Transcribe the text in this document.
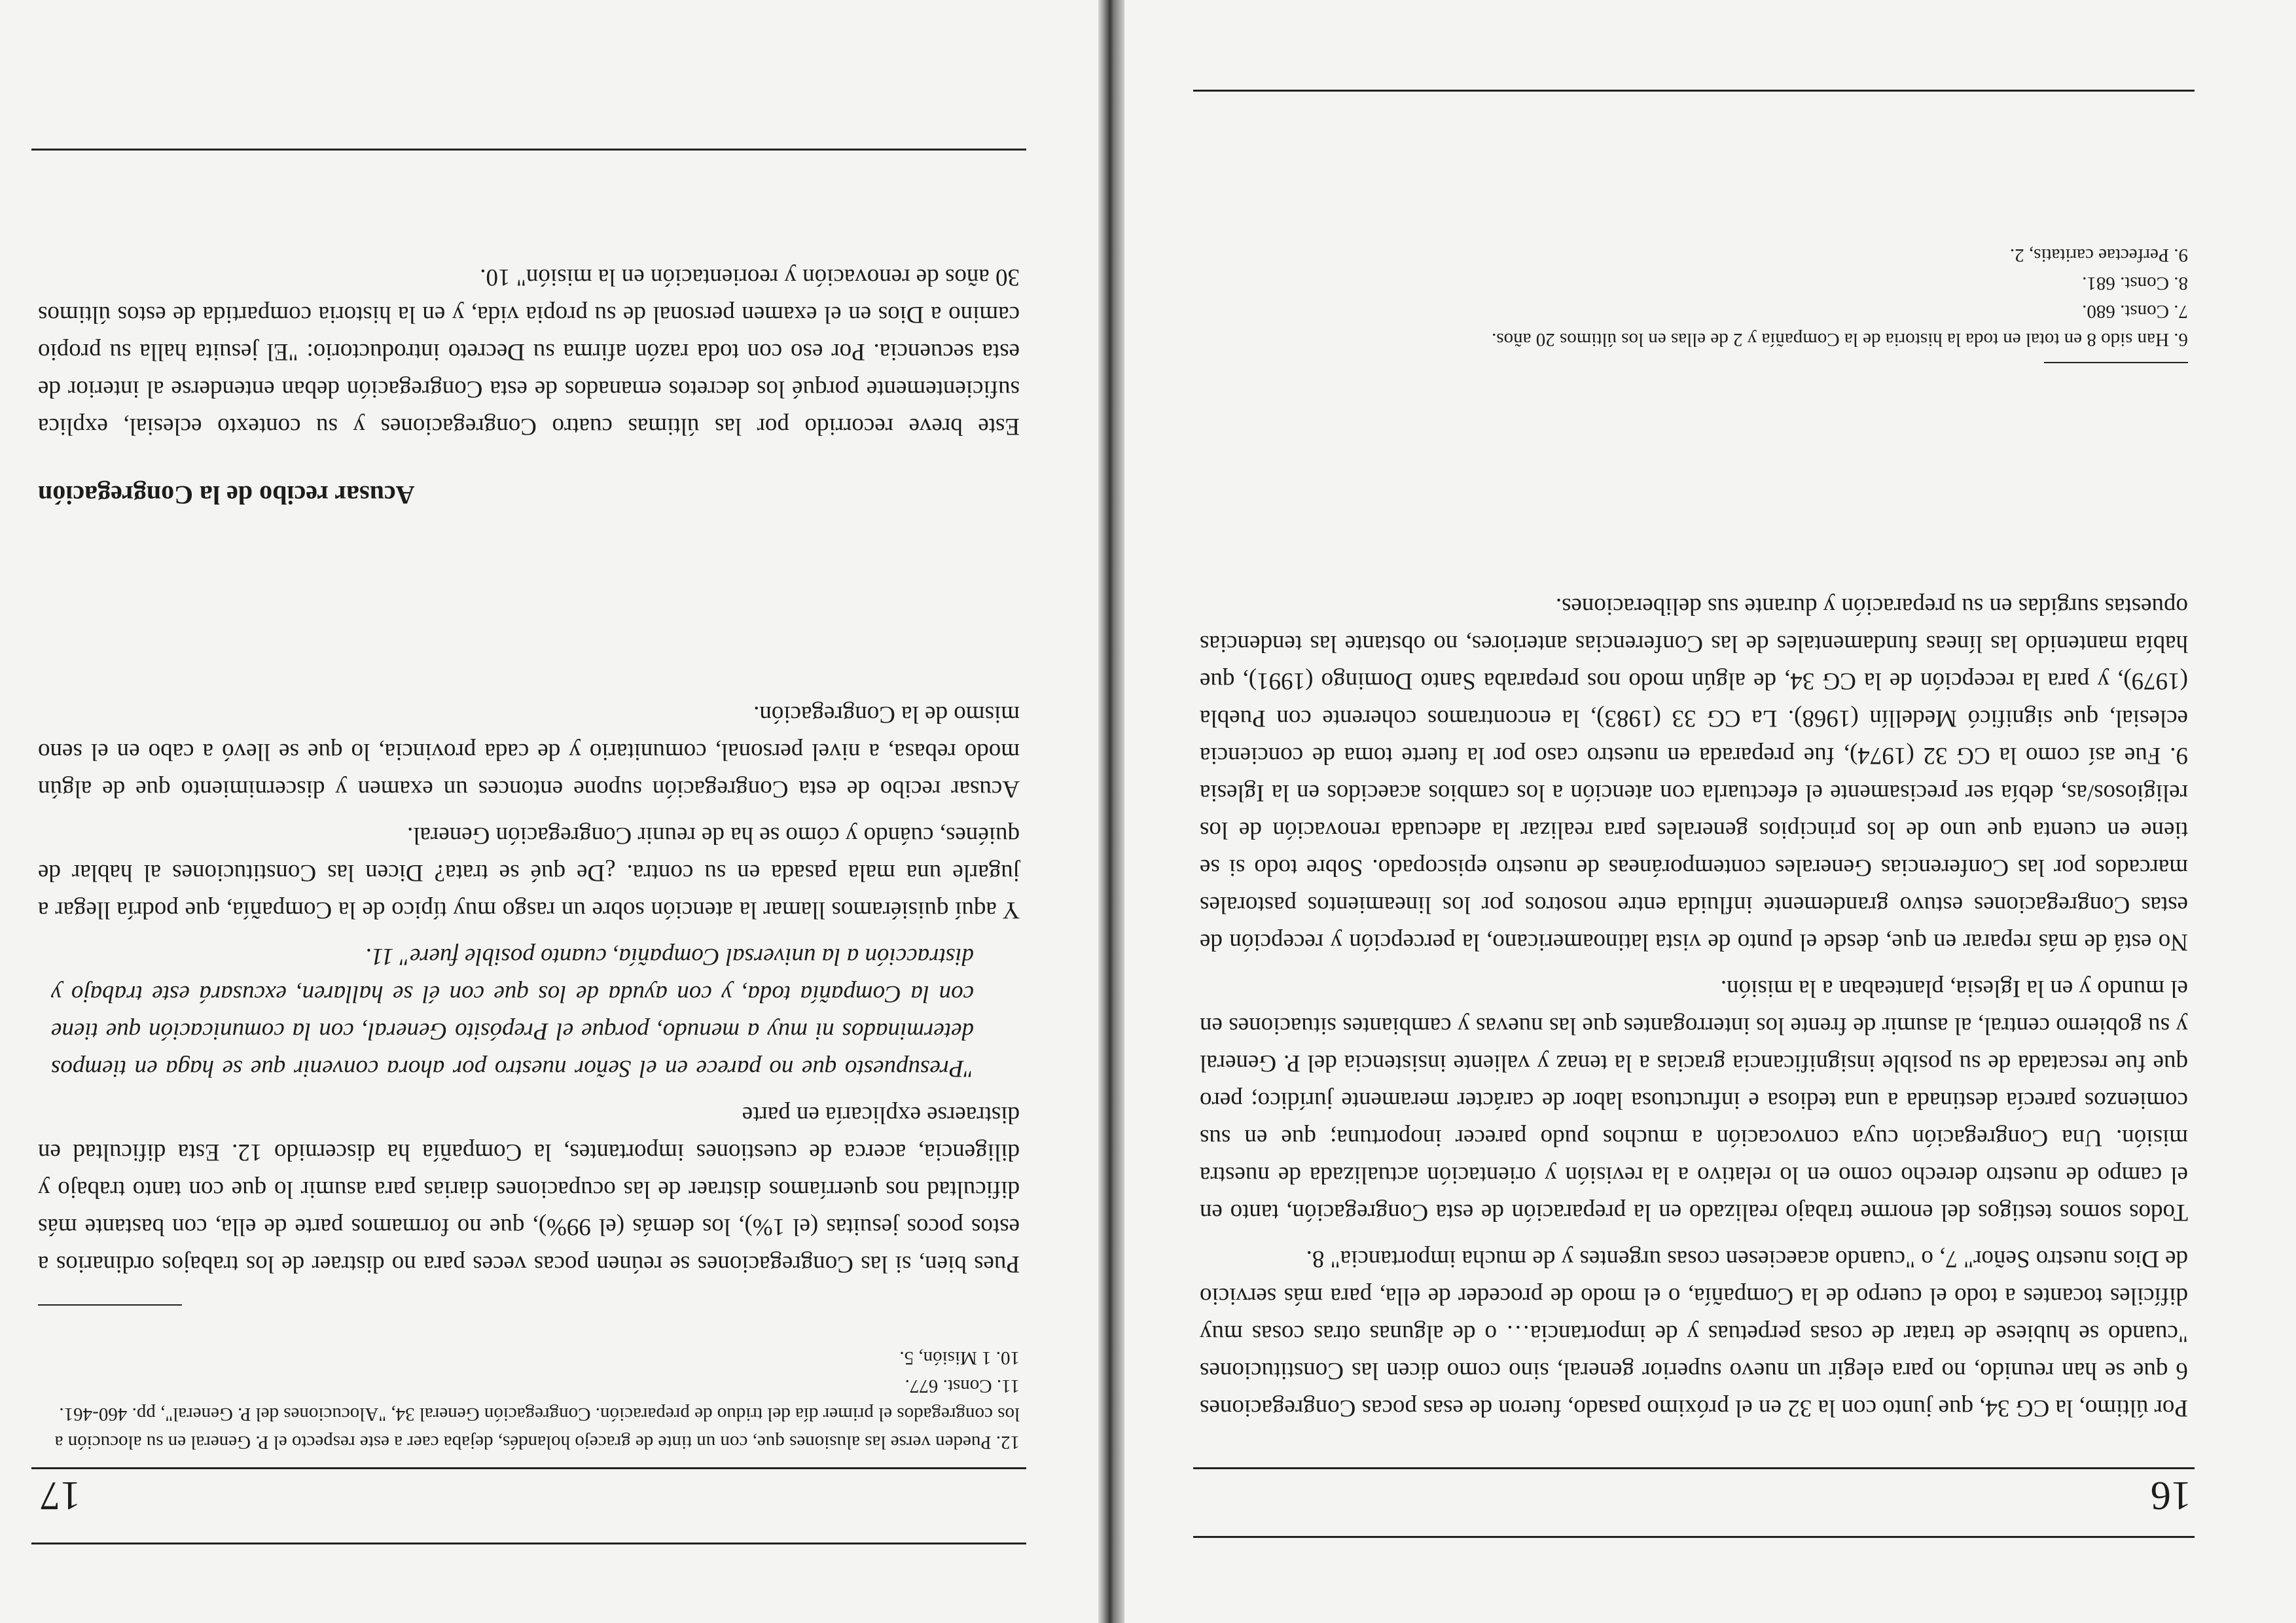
16

Por último, la CG 34, que junto con la 32 en el próximo pasado, fueron de esas pocas Congregaciones 6 que se han reunido, no para elegir un nuevo superior general, sino como dicen las Constituciones "cuando se hubiese de tratar de cosas perpetuas y de importancia… o de algunas otras cosas muy difíciles tocantes a todo el cuerpo de la Compañía, o el modo de proceder de ella, para más servicio de Dios nuestro Señor" 7, o "cuando acaeciesen cosas urgentes y de mucha importancia" 8.

Todos somos testigos del enorme trabajo realizado en la preparación de esta Congregación, tanto en el campo de nuestro derecho como en lo relativo a la revisión y orientación actualizada de nuestra misión. Una Congregación cuya convocación a muchos pudo parecer inoportuna; que en sus comienzos parecía destinada a una tediosa e infructuosa labor de carácter meramente jurídico; pero que fue rescatada de su posible insignificancia gracias a la tenaz y valiente insistencia del P. General y su gobierno central, al asumir de frente los interrogantes que las nuevas y cambiantes situaciones en el mundo y en la Iglesia, planteaban a la misión.

No está de más reparar en que, desde el punto de vista latinoamericano, la percepción y recepción de estas Congregaciones estuvo grandemente influida entre nosotros por los lineamientos pastorales marcados por las Conferencias Generales contemporáneas de nuestro episcopado. Sobre todo si se tiene en cuenta que uno de los principios generales para realizar la adecuada renovación de los religiosos/as, debía ser precisamente el efectuarla con atención a los cambios acaecidos en la Iglesia 9. Fue así como la CG 32 (1974), fue preparada en nuestro caso por la fuerte toma de conciencia eclesial, que significó Medellín (1968). La CG 33 (1983), la encontramos coherente con Puebla (1979), y para la recepción de la CG 34, de algún modo nos preparaba Santo Domingo (1991), que había mantenido las líneas fundamentales de las Conferencias anteriores, no obstante las tendencias opuestas surgidas en su preparación y durante sus deliberaciones.

6. Han sido 8 en total en toda la historia de la Compañía y 2 de ellas en los últimos 20 años.
7. Const. 680.
8. Const. 681.
9. Perfectae caritatis, 2.
17
12. Pueden verse las alusiones que, con un tinte de gracejo holandés, dejaba caer a este respecto el P. General en su alocución a los congregados el primer día del triduo de preparación. Congregación General 34, "Alocuciones del P. General", pp. 460-461.
11. Const. 677.
10. 1 Misión, 5.

Pues bien, si las Congregaciones se reúnen pocas veces para no distraer de los trabajos ordinarios a estos pocos jesuitas (el 1%), los demás (el 99%), que no formamos parte de ella, con bastante más dificultad nos querríamos distraer de las ocupaciones diarias para asumir lo que con tanto trabajo y diligencia, acerca de cuestiones importantes, la Compañía ha discernido 12. Esta dificultad en distraerse explicaría en parte

"Presupuesto que no parece en el Señor nuestro por ahora convenir que se haga en tiempos determinados ni muy a menudo, porque el Prepósito General, con la comunicación que tiene con la Compañía toda, y con ayuda de los que con él se hallaren, excusará este trabajo y distracción a la universal Compañía, cuanto posible fuere" 11.

Y aquí quisiéramos llamar la atención sobre un rasgo muy típico de la Compañía, que podría llegar a jugarle una mala pasada en su contra. ¿De qué se trata? Dicen las Constituciones al hablar de quiénes, cuándo y cómo se ha de reunir Congregación General.

Acusar recibo de esta Congregación supone entonces un examen y discernimiento que de algún modo rebasa, a nivel personal, comunitario y de cada provincia, lo que se llevó a cabo en el seno mismo de la Congregación.

Acusar recibo de la Congregación

Este breve recorrido por las últimas cuatro Congregaciones y su contexto eclesial, explica suficientemente porqué los decretos emanados de esta Congregación deban entenderse al interior de esta secuencia. Por eso con toda razón afirma su Decreto introductorio: "El jesuita halla su propio camino a Dios en el examen personal de su propia vida, y en la historia compartida de estos últimos 30 años de renovación y reorientación en la misión" 10.
